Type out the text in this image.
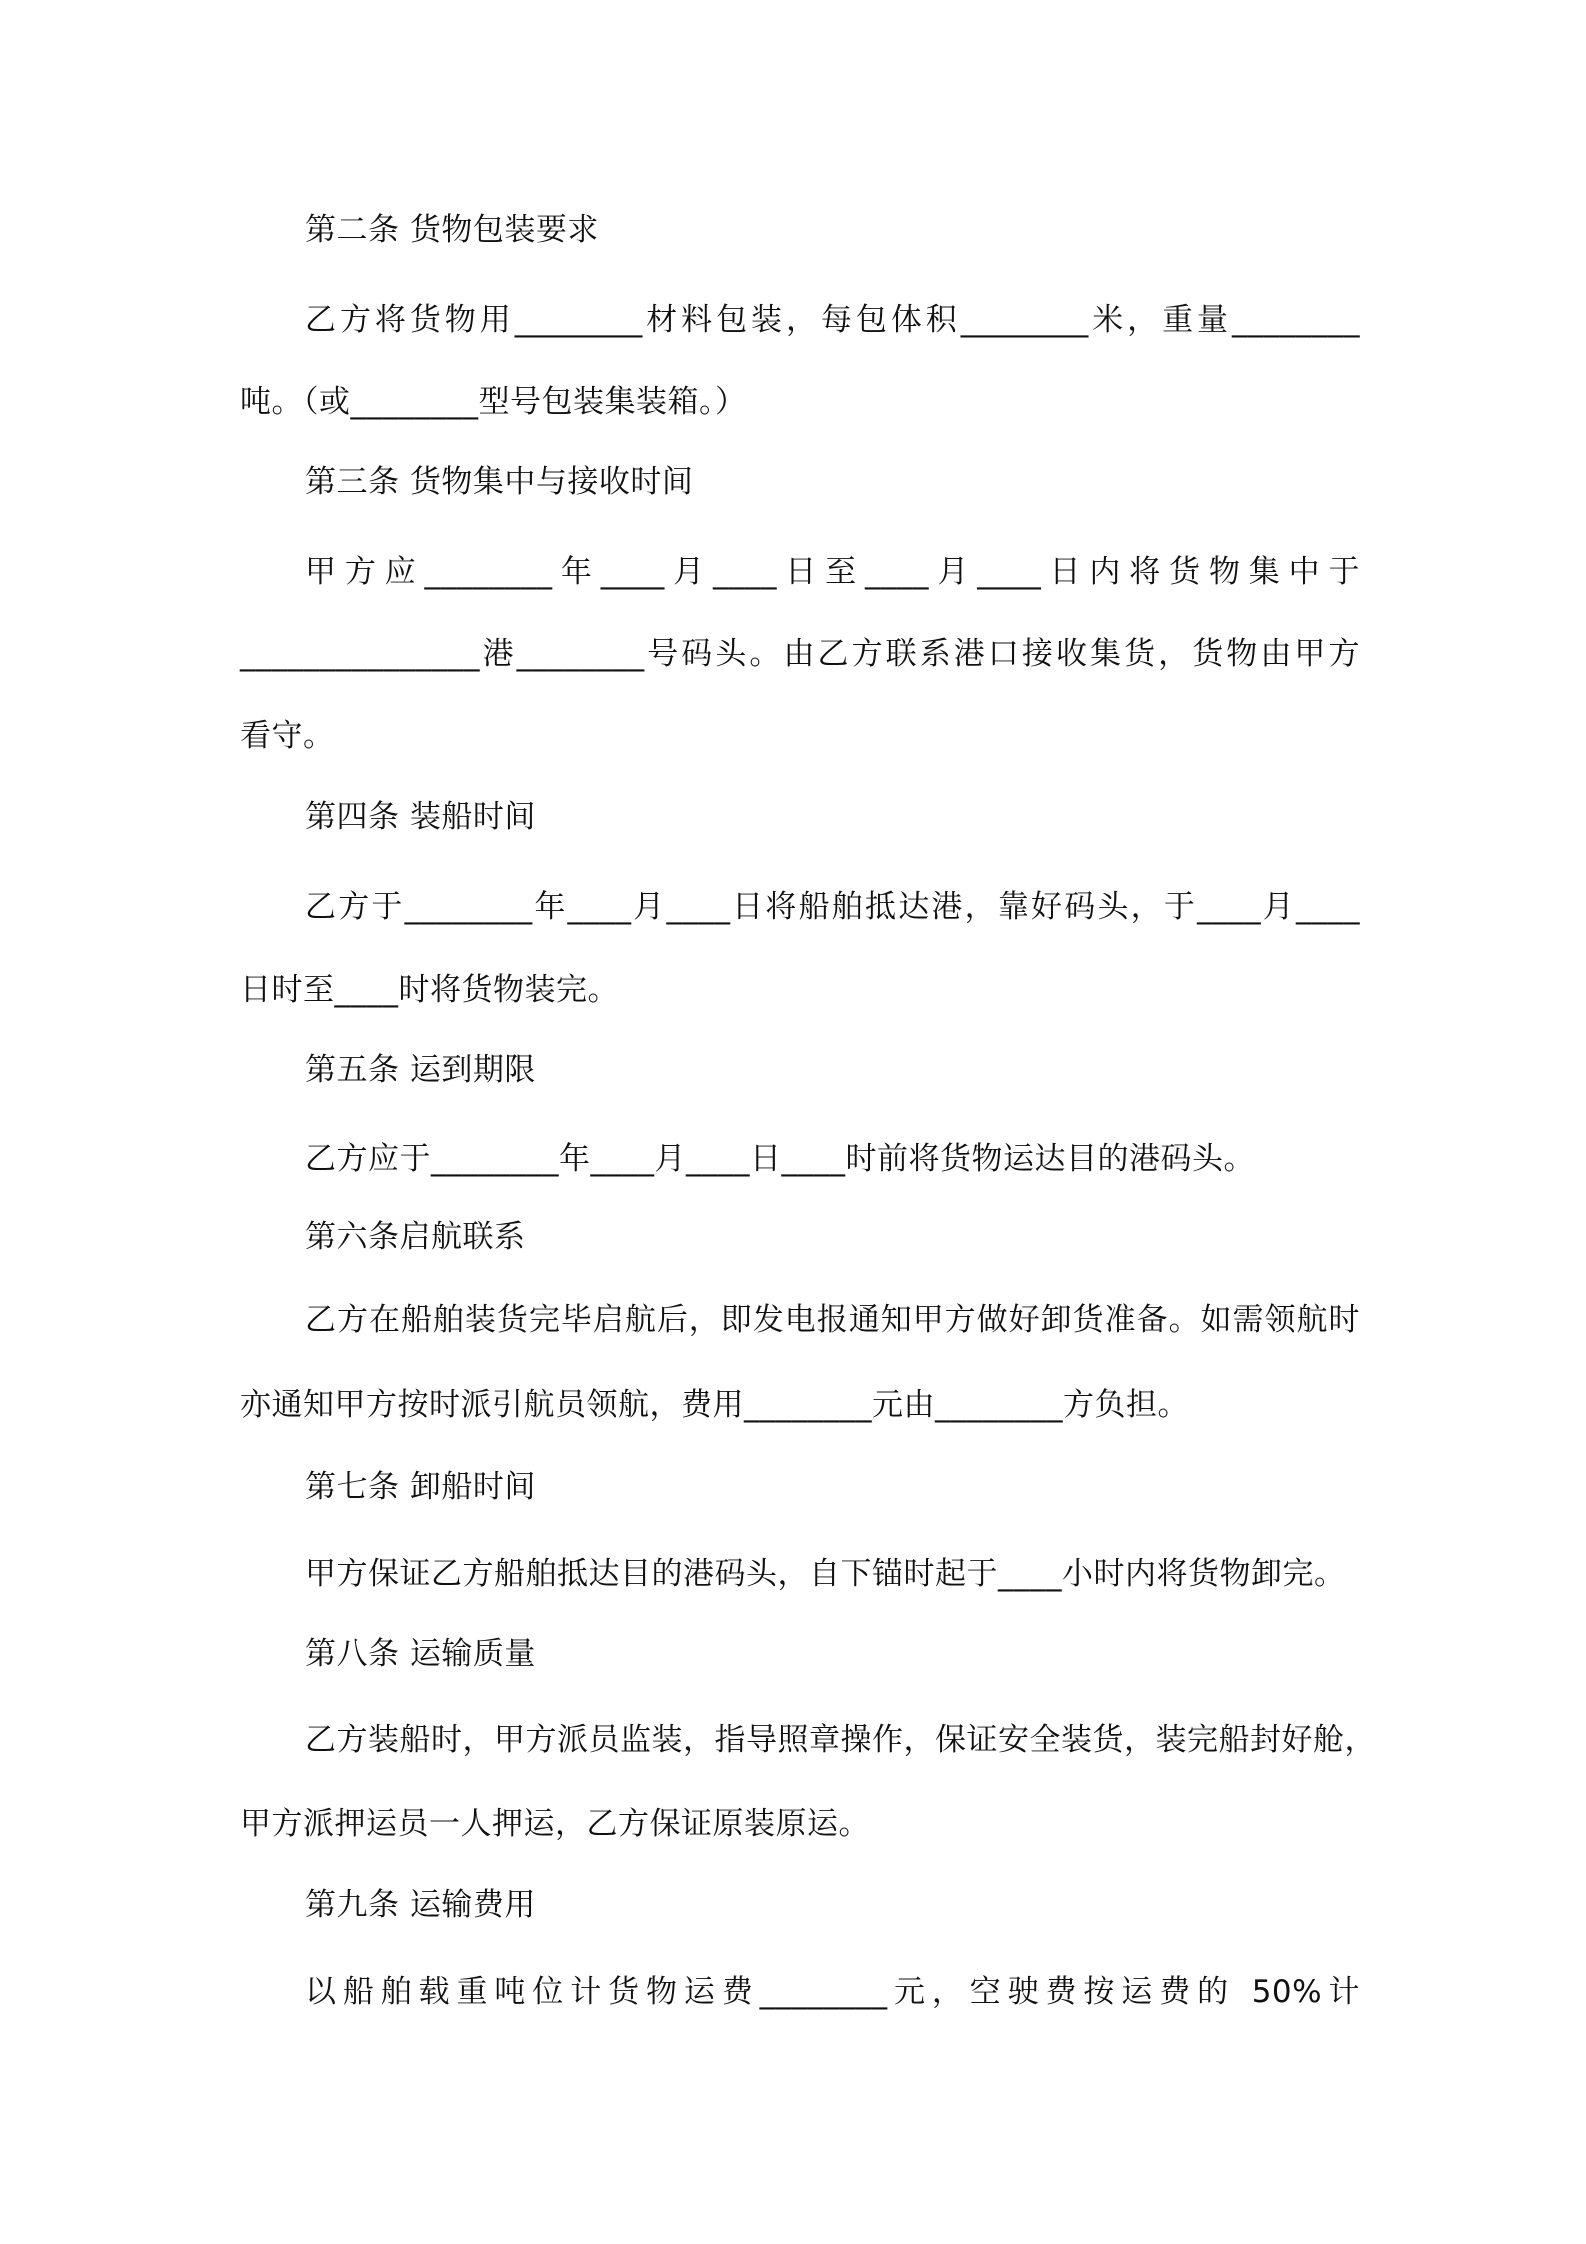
第二条 货物包装要求
乙方将货物用________材料包装，每包体积________米，重量________
吨。（或________型号包装集装箱。）
第三条 货物集中与接收时间
甲方应________年____月____日至____月____日内将货物集中于
_______________港________号码头。由乙方联系港口接收集货，货物由甲方
看守。
第四条 装船时间
乙方于________年____月____日将船舶抵达港，靠好码头，于____月____
日时至____时将货物装完。
第五条 运到期限
乙方应于________年____月____日____时前将货物运达目的港码头。
第六条启航联系
乙方在船舶装货完毕启航后，即发电报通知甲方做好卸货准备。如需领航时
亦通知甲方按时派引航员领航，费用________元由________方负担。
第七条 卸船时间
甲方保证乙方船舶抵达目的港码头，自下锚时起于____小时内将货物卸完。
第八条 运输质量
乙方装船时，甲方派员监装，指导照章操作，保证安全装货，装完船封好舱，
甲方派押运员一人押运，乙方保证原装原运。
第九条 运输费用
以船舶载重吨位计货物运费________元，空驶费按运费的 50%计
